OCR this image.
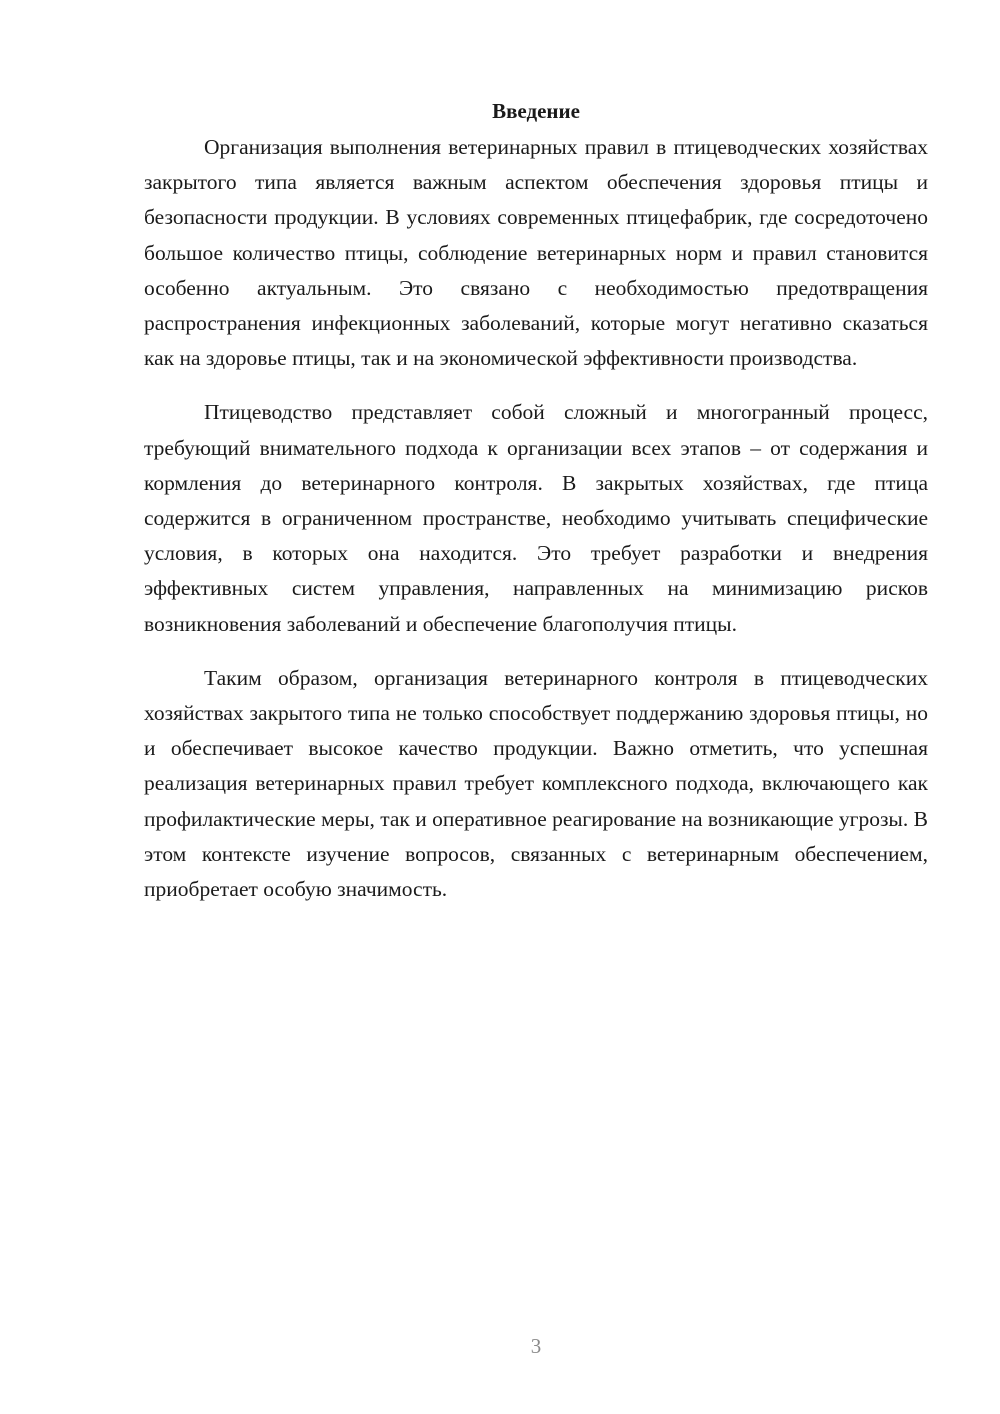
Введение

Организация выполнения ветеринарных правил в птицеводческих хозяйствах закрытого типа является важным аспектом обеспечения здоровья птицы и безопасности продукции. В условиях современных птицефабрик, где сосредоточено большое количество птицы, соблюдение ветеринарных норм и правил становится особенно актуальным. Это связано с необходимостью предотвращения распространения инфекционных заболеваний, которые могут негативно сказаться как на здоровье птицы, так и на экономической эффективности производства.

Птицеводство представляет собой сложный и многогранный процесс, требующий внимательного подхода к организации всех этапов – от содержания и кормления до ветеринарного контроля. В закрытых хозяйствах, где птица содержится в ограниченном пространстве, необходимо учитывать специфические условия, в которых она находится. Это требует разработки и внедрения эффективных систем управления, направленных на минимизацию рисков возникновения заболеваний и обеспечение благополучия птицы.

Таким образом, организация ветеринарного контроля в птицеводческих хозяйствах закрытого типа не только способствует поддержанию здоровья птицы, но и обеспечивает высокое качество продукции. Важно отметить, что успешная реализация ветеринарных правил требует комплексного подхода, включающего как профилактические меры, так и оперативное реагирование на возникающие угрозы. В этом контексте изучение вопросов, связанных с ветеринарным обеспечением, приобретает особую значимость.

3
